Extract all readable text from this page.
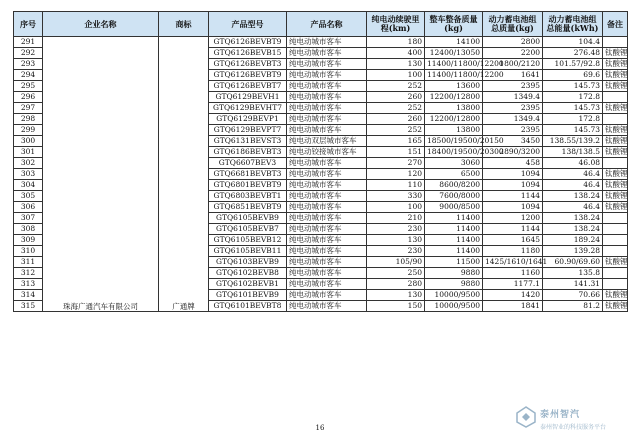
序号	企业名称	商标	产品型号	产品名称	纯电动续驶里程(km)	整车整备质量(kg)	动力蓄电池组总质量(kg)	动力蓄电池组总能量(kWh)	备注
291	珠海广通汽车有限公司	广通牌	GTQ6126BEVBT9	纯电动城市客车	180	14100	2800	104.4	
292			GTQ6126BEVB15	纯电动城市客车	400	12400/13050	2200	276.48	钛酸锂
293			GTQ6126BEVBT3	纯电动城市客车	130	11400/11800/12200	1800/2120	101.57/92.8	钛酸锂
294			GTQ6126BEVBT9	纯电动城市客车	100	11400/11800/12200	1641	69.6	钛酸锂
295			GTQ6126BEVBT7	纯电动城市客车	252	13600	2395	145.73	钛酸锂
296			GTQ6129BEVH1	纯电动城市客车	260	12200/12800	1349.4	172.8	
297			GTQ6129BEVHT7	纯电动城市客车	252	13800	2395	145.73	钛酸锂
298			GTQ6129BEVP1	纯电动城市客车	260	12200/12800	1349.4	172.8	
299			GTQ6129BEVPT7	纯电动城市客车	252	13800	2395	145.73	钛酸锂
300			GTQ6131BEVST3	纯电动双层城市客车	165	18500/19500/20150	3450	138.55/139.2	钛酸锂
301			GTQ6186BEVBT3	纯电动铰接城市客车	151	18400/19500/20300	2890/3200	138/138.5	钛酸锂
302			GTQ6607BEV3	纯电动城市客车	270	3060	458	46.08	
303			GTQ6681BEVBT3	纯电动城市客车	120	6500	1094	46.4	钛酸锂
304			GTQ6801BEVBT9	纯电动城市客车	110	8600/8200	1094	46.4	钛酸锂
305			GTQ6803BEVBT1	纯电动城市客车	330	7600/8000	1144	138.24	钛酸锂
306			GTQ6851BEVBT9	纯电动城市客车	100	9000/8500	1094	46.4	钛酸锂
307			GTQ6105BEVB9	纯电动城市客车	210	11400	1200	138.24	
308			GTQ6105BEVB7	纯电动城市客车	230	11400	1144	138.24	
309			GTQ6105BEVB12	纯电动城市客车	130	11400	1645	189.24	
310			GTQ6105BEVB11	纯电动城市客车	230	11400	1180	139.28	
311			GTQ6103BEVB9	纯电动城市客车	105/90	11500	1425/1610/1641	60.90/69.60	钛酸锂
312			GTQ6102BEVB8	纯电动城市客车	250	9880	1160	135.8	
313			GTQ6102BEVB1	纯电动城市客车	280	9880	1177.1	141.31	
314			GTQ6101BEVB9	纯电动城市客车	130	10000/9500	1420	70.66	钛酸锂
315			GTQ6101BEVBT8	纯电动城市客车	150	10000/9500	1841	81.2	钛酸锂
16
泰州智汽
泰州智业的科技服务平台
